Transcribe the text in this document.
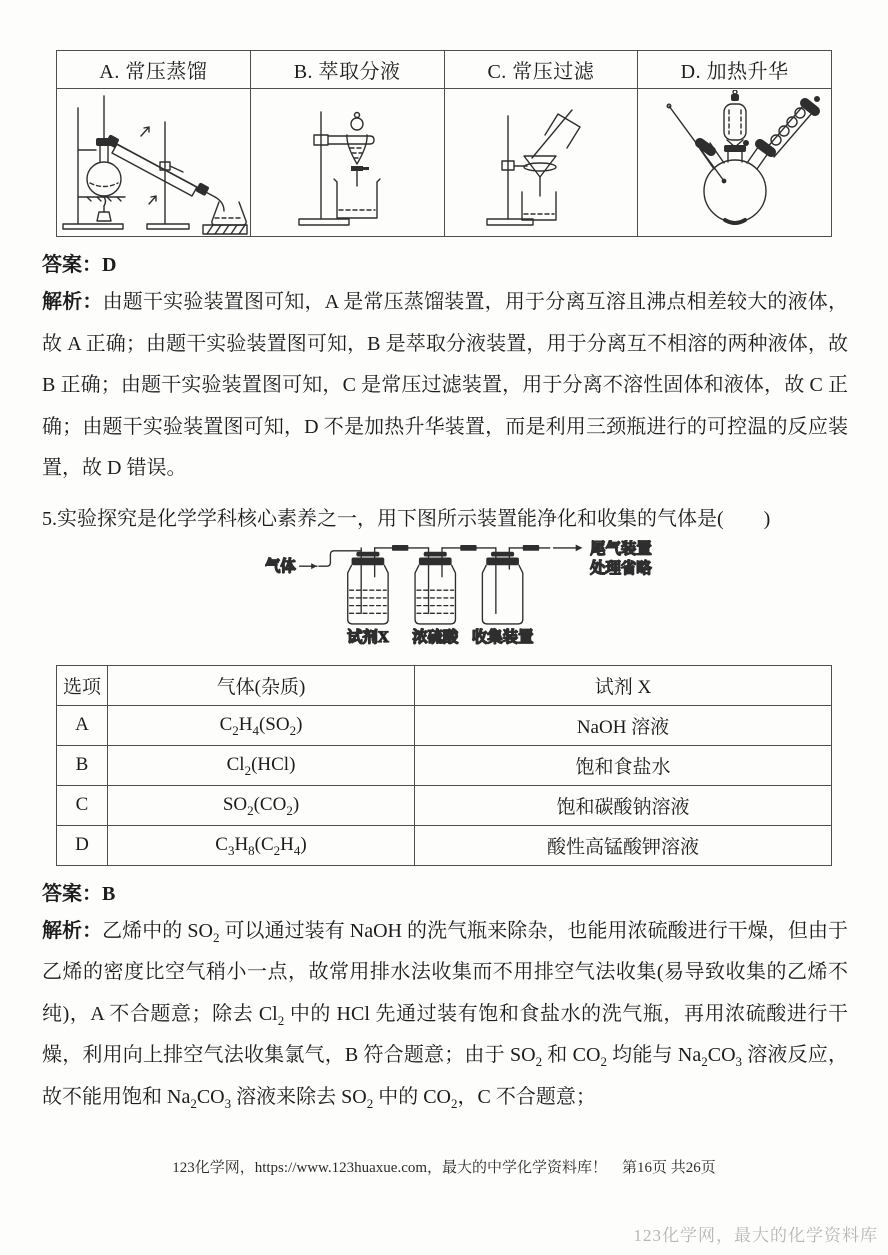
A. 常压蒸馏	B. 萃取分液	C. 常压过滤	D. 加热升华

答案：D

解析：由题干实验装置图可知，A 是常压蒸馏装置，用于分离互溶且沸点相差较大的液体，故 A 正确；由题干实验装置图可知，B 是萃取分液装置，用于分离互不相溶的两种液体，故 B 正确；由题干实验装置图可知，C 是常压过滤装置，用于分离不溶性固体和液体，故 C 正确；由题干实验装置图可知，D 不是加热升华装置，而是利用三颈瓶进行的可控温的反应装置，故 D 错误。

5.实验探究是化学学科核心素养之一，用下图所示装置能净化和收集的气体是(　　)
气体
尾气装置
处理省略
试剂X 浓硫酸 收集装置
选项	气体(杂质)	试剂 X
A	$C_2H_4(SO_2)$	NaOH 溶液
B	$Cl_2(HCl)$	饱和食盐水
C	$SO_2(CO_2)$	饱和碳酸钠溶液
D	$C_3H_8(C_2H_4)$	酸性高锰酸钾溶液
答案：B

解析：乙烯中的 $SO_2$ 可以通过装有 NaOH 的洗气瓶来除杂，也能用浓硫酸进行干燥，但由于乙烯的密度比空气稍小一点，故常用排水法收集而不用排空气法收集(易导致收集的乙烯不纯)，A 不合题意；除去 $Cl_2$ 中的 HCl 先通过装有饱和食盐水的洗气瓶，再用浓硫酸进行干燥，利用向上排空气法收集氯气，B 符合题意；由于 $SO_2$ 和 $CO_2$ 均能与 $Na_2CO_3$ 溶液反应，故不能用饱和 $Na_2CO_3$ 溶液来除去 $SO_2$ 中的 $CO_2$，C 不合题意；

123化学网，https://www.123huaxue.com，最大的中学化学资料库！　第16页 共26页
123化学网，最大的化学资料库
